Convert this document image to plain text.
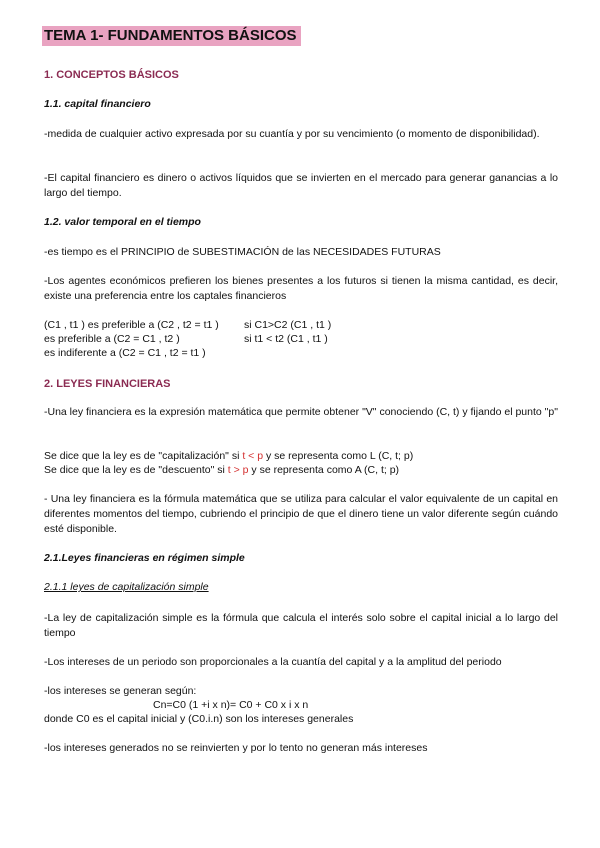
TEMA 1- FUNDAMENTOS BÁSICOS
1. CONCEPTOS BÁSICOS
1.1. capital financiero
-medida de cualquier activo expresada por su cuantía y por su vencimiento (o momento de disponibilidad).
-El capital financiero es dinero o activos líquidos que se invierten en el mercado para generar ganancias a lo largo del tiempo.
1.2. valor temporal en el tiempo
-es tiempo es el PRINCIPIO de SUBESTIMACIÓN de las NECESIDADES FUTURAS
-Los agentes económicos prefieren los bienes presentes a los futuros si tienen la misma cantidad, es decir, existe una preferencia entre los captales financieros
(C1 , t1 ) es preferible a (C2 , t2 = t1 ) si C1>C2 (C1 , t1 )
es preferible a (C2 = C1 , t2 )	si t1 < t2 (C1 , t1 )
es indiferente a (C2 = C1 , t2 = t1 )
2. LEYES FINANCIERAS
-Una ley financiera es la expresión matemática que permite obtener "V" conociendo (C, t) y fijando el punto "p"
Se dice que la ley es de "capitalización" si t < p y se representa como L (C, t; p)
Se dice que la ley es de "descuento" si t > p y se representa como A (C, t; p)
- Una ley financiera es la fórmula matemática que se utiliza para calcular el valor equivalente de un capital en diferentes momentos del tiempo, cubriendo el principio de que el dinero tiene un valor diferente según cuándo esté disponible.
2.1.Leyes financieras en régimen simple
2.1.1 leyes de capitalización simple
-La ley de capitalización simple es la fórmula que calcula el interés solo sobre el capital inicial a lo largo del tiempo
-Los intereses de un periodo son proporcionales a la cuantía del capital y a la amplitud del periodo
-los intereses se generan según:
Cn=C0 (1 +i x n)= C0 + C0 x i x n
donde C0 es el capital inicial y (C0.i.n) son los intereses generales
-los intereses generados no se reinvierten y por lo tento no generan más intereses
